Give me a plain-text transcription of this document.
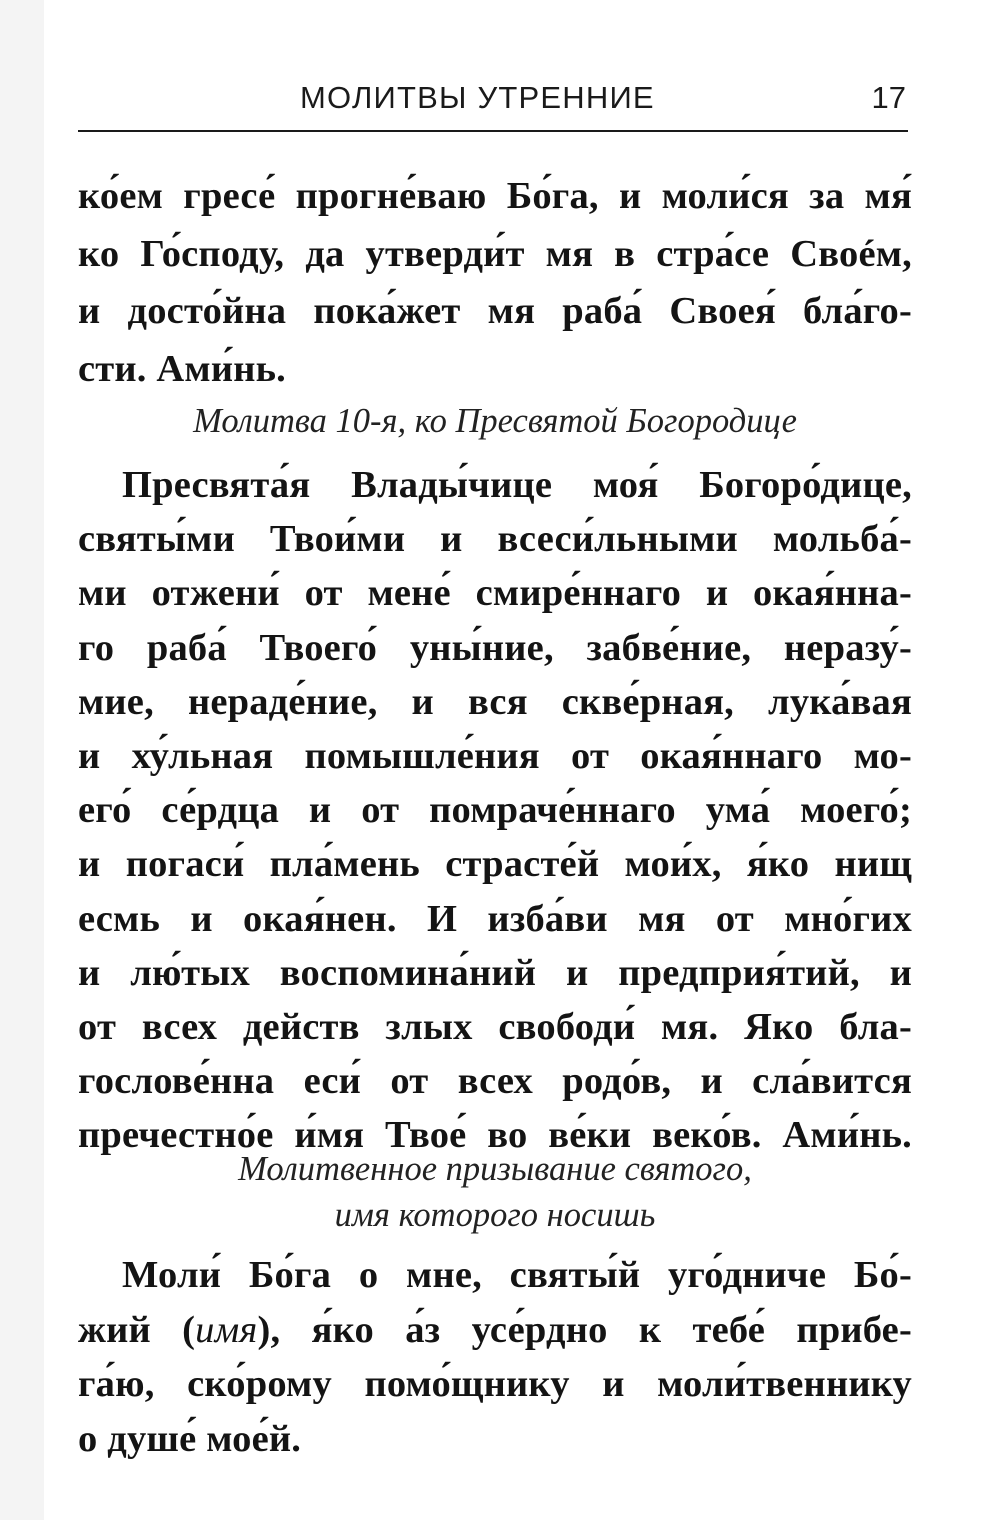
МОЛИТВЫ УТРЕННИЕ	17
ко́ем гресе́ прогне́ваю Бо́га, и моли́ся за мя́
ко Го́споду, да утверди́т мя в стра́се Своéм,
и досто́йна пока́жет мя раба́ Своея́ бла́го-
сти. Ами́нь.
Молитва 10-я, ко Пресвятой Богородице
Пресвята́я Влады́чице моя́ Богоро́дице,
святы́ми Твои́ми и всеси́льными мольба́-
ми отжени́ от мене́ смире́ннаго и окая́нна-
го раба́ Твоего́ уны́ние, забве́ние, неразу́-
мие, нераде́ние, и вся скве́рная, лука́вая
и ху́льная помышле́ния от окая́ннаго мо-
его́ се́рдца и от помраче́ннаго ума́ моего́;
и погаси́ пла́мень страсте́й мои́х, я́ко нищ
есмь и окая́нен. И изба́ви мя от мно́гих
и лю́тых воспомина́ний и предприя́тий, и
от всех действ злых свободи́ мя. Яко бла-
гослове́нна еси́ от всех родо́в, и сла́вится
пречестно́е и́мя Твое́ во ве́ки веко́в. Ами́нь.
Молитвенное призывание святого,
имя которого носишь
Моли́ Бо́га о мне, святы́й уго́дниче Бо́-
жий (имя), я́ко а́з усе́рдно к тебе́ прибе-
га́ю, ско́рому помо́щнику и моли́твеннику
о душе́ мое́й.
